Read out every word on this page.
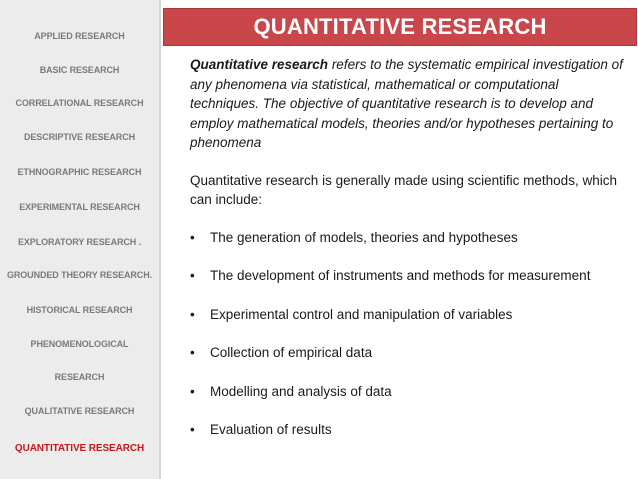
APPLIED RESEARCH
BASIC RESEARCH
CORRELATIONAL RESEARCH
DESCRIPTIVE RESEARCH
ETHNOGRAPHIC RESEARCH
EXPERIMENTAL RESEARCH
EXPLORATORY RESEARCH .
GROUNDED THEORY RESEARCH.
HISTORICAL RESEARCH
PHENOMENOLOGICAL
RESEARCH
QUALITATIVE RESEARCH
QUANTITATIVE RESEARCH
QUANTITATIVE RESEARCH

Quantitative research refers to the systematic empirical investigation of any phenomena via statistical, mathematical or computational techniques. The objective of quantitative research is to develop and employ mathematical models, theories and/or hypotheses pertaining to phenomena

Quantitative research is generally made using scientific methods, which can include:

• The generation of models, theories and hypotheses
• The development of instruments and methods for measurement
• Experimental control and manipulation of variables
• Collection of empirical data
• Modelling and analysis of data
• Evaluation of results
